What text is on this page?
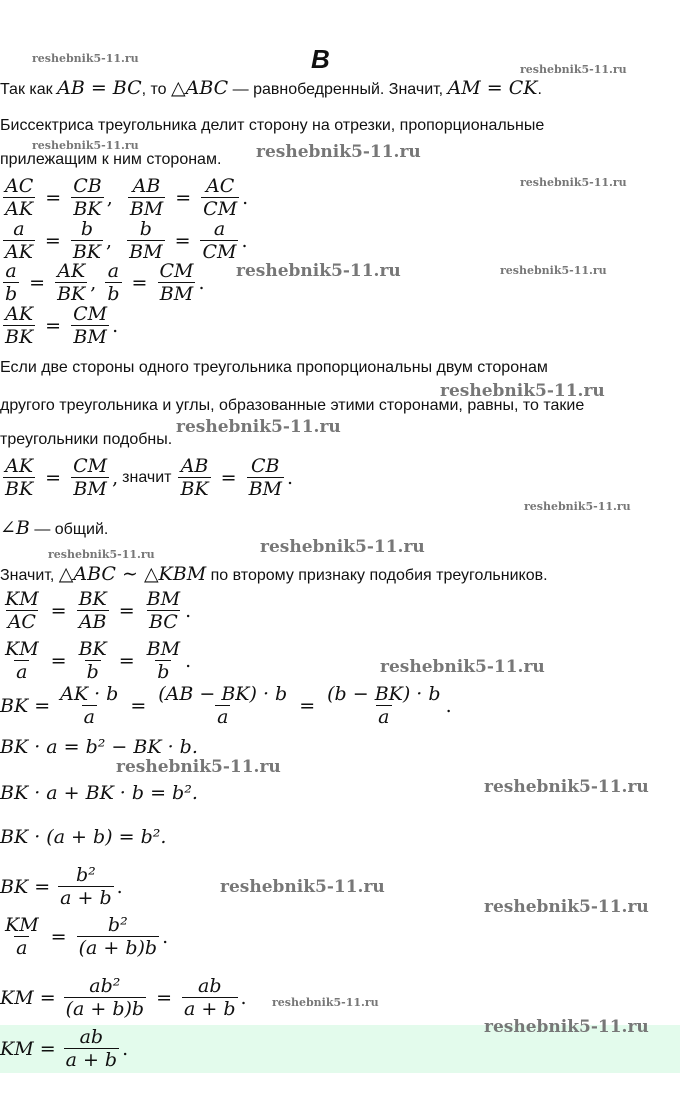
B
Так как AB = BC, то △ABC — равнобедренный. Значит, AM = CK.
Биссектриса треугольника делит сторону на отрезки, пропорциональные
прилежащим к ним сторонам.
$\frac{AC}{AK} = \frac{CB}{BK}$ , $\frac{AB}{BM} = \frac{AC}{CM}$ .
$\frac{a}{AK} = \frac{b}{BK}$ , $\frac{b}{BM} = \frac{a}{CM}$ .
$\frac{a}{b} = \frac{AK}{BK}$ , $\frac{a}{b} = \frac{CM}{BM}$ .
$\frac{AK}{BK} = \frac{CM}{BM}$ .
Если две стороны одного треугольника пропорциональны двум сторонам
другого треугольника и углы, образованные этими сторонами, равны, то такие
треугольники подобны.
$\frac{AK}{BK} = \frac{CM}{BM}$ , значит $\frac{AB}{BK} = \frac{CB}{BM}$ .
∠B — общий.
Значит, △ABC ∼ △KBM по второму признаку подобия треугольников.
$\frac{KM}{AC} = \frac{BK}{AB} = \frac{BM}{BC}$ .
$\frac{KM}{a} = \frac{BK}{b} = \frac{BM}{b}$ .
BK = $\frac{AK \cdot b}{a} = \frac{(AB - BK) \cdot b}{a} = \frac{(b - BK) \cdot b}{a}$ .
BK · a = b² − BK · b.
BK · a + BK · b = b².
BK · (a + b) = b².
BK = $\frac{\text{b²}}{a + b}$ .
$\frac{KM}{a} = \frac{\text{b²}}{(a + b)b}$ .
KM = $\frac{\text{ab²}}{(a + b)b} = \frac{ab}{a + b}$ .
KM = $\frac{ab}{a + b}$ .
reshebnik5-11.ru
reshebnik5-11.ru
reshebnik5-11.ru	reshebnik5-11.ru
reshebnik5-11.ru
reshebnik5-11.ru	reshebnik5-11.ru
reshebnik5-11.ru
reshebnik5-11.ru
reshebnik5-11.ru
reshebnik5-11.ru
reshebnik5-11.ru
reshebnik5-11.ru
reshebnik5-11.ru
reshebnik5-11.ru
reshebnik5-11.ru
reshebnik5-11.ru
reshebnik5-11.ru
reshebnik5-11.ru
